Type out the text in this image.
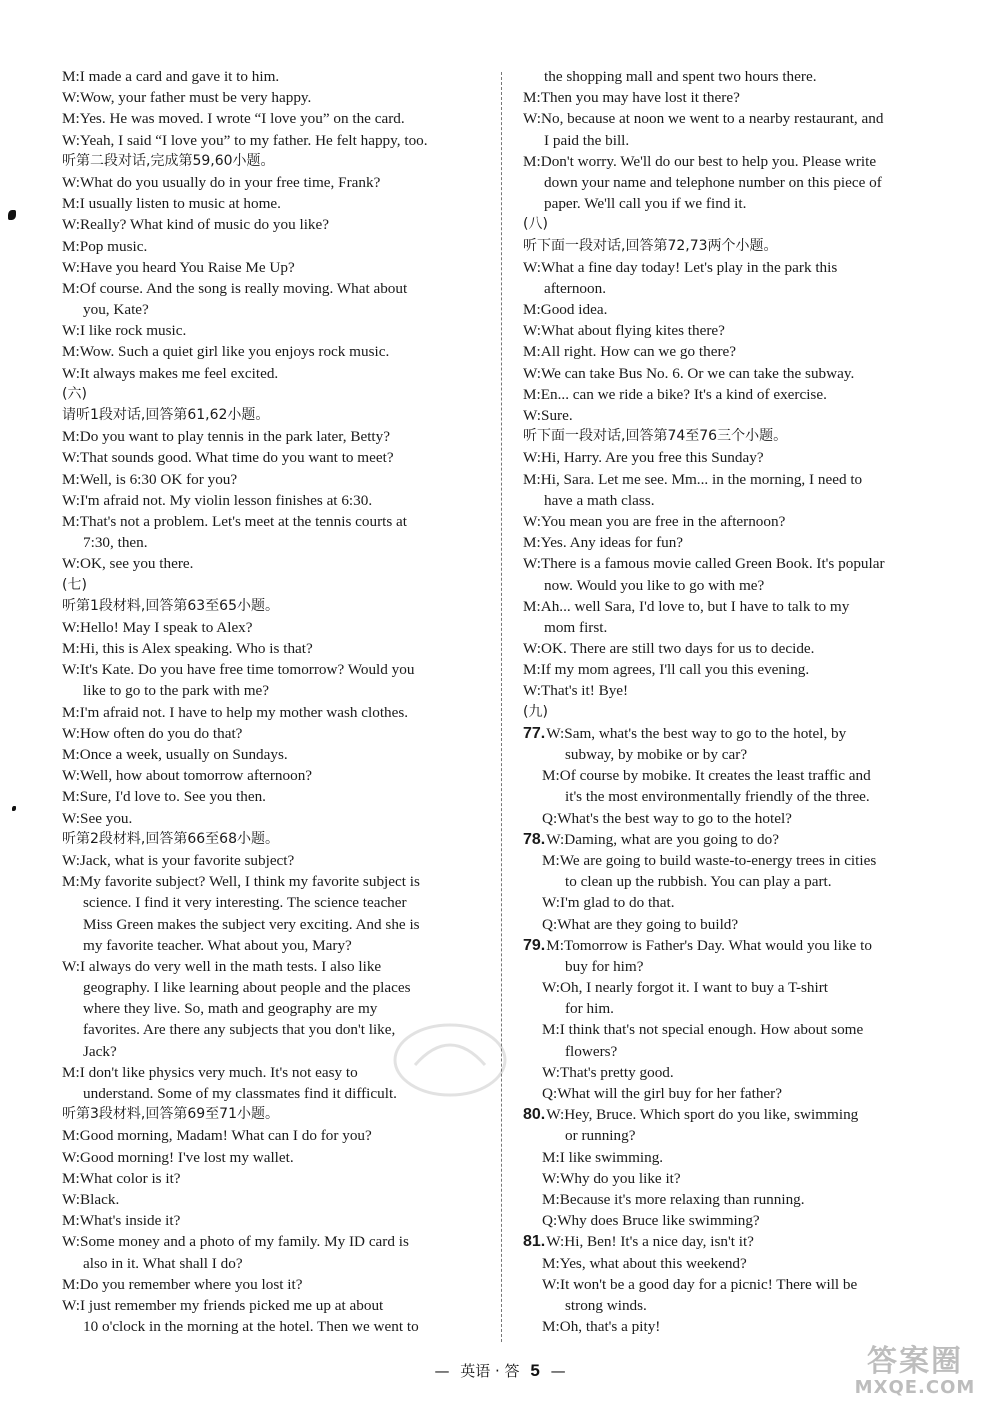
M:I made a card and gave it to him.
W:Wow, your father must be very happy.
M:Yes. He was moved. I wrote “I love you” on the card.
W:Yeah, I said “I love you” to my father. He felt happy, too.
听第二段对话,完成第59,60小题。
W:What do you usually do in your free time, Frank?
M:I usually listen to music at home.
W:Really? What kind of music do you like?
M:Pop music.
W:Have you heard You Raise Me Up?
M:Of course. And the song is really moving. What about
you, Kate?
W:I like rock music.
M:Wow. Such a quiet girl like you enjoys rock music.
W:It always makes me feel excited.
(六)
请听1段对话,回答第61,62小题。
M:Do you want to play tennis in the park later, Betty?
W:That sounds good. What time do you want to meet?
M:Well, is 6:30 OK for you?
W:I'm afraid not. My violin lesson finishes at 6:30.
M:That's not a problem. Let's meet at the tennis courts at
7:30, then.
W:OK, see you there.
(七)
听第1段材料,回答第63至65小题。
W:Hello! May I speak to Alex?
M:Hi, this is Alex speaking. Who is that?
W:It's Kate. Do you have free time tomorrow? Would you
like to go to the park with me?
M:I'm afraid not. I have to help my mother wash clothes.
W:How often do you do that?
M:Once a week, usually on Sundays.
W:Well, how about tomorrow afternoon?
M:Sure, I'd love to. See you then.
W:See you.
听第2段材料,回答第66至68小题。
W:Jack, what is your favorite subject?
M:My favorite subject? Well, I think my favorite subject is
science. I find it very interesting. The science teacher
Miss Green makes the subject very exciting. And she is
my favorite teacher. What about you, Mary?
W:I always do very well in the math tests. I also like
geography. I like learning about people and the places
where they live. So, math and geography are my
favorites. Are there any subjects that you don't like,
Jack?
M:I don't like physics very much. It's not easy to
understand. Some of my classmates find it difficult.
听第3段材料,回答第69至71小题。
M:Good morning, Madam! What can I do for you?
W:Good morning! I've lost my wallet.
M:What color is it?
W:Black.
M:What's inside it?
W:Some money and a photo of my family. My ID card is
also in it. What shall I do?
M:Do you remember where you lost it?
W:I just remember my friends picked me up at about
10 o'clock in the morning at the hotel. Then we went to
the shopping mall and spent two hours there.
M:Then you may have lost it there?
W:No, because at noon we went to a nearby restaurant, and
I paid the bill.
M:Don't worry. We'll do our best to help you. Please write
down your name and telephone number on this piece of
paper. We'll call you if we find it.
(八)
听下面一段对话,回答第72,73两个小题。
W:What a fine day today! Let's play in the park this
afternoon.
M:Good idea.
W:What about flying kites there?
M:All right. How can we go there?
W:We can take Bus No. 6. Or we can take the subway.
M:En... can we ride a bike? It's a kind of exercise.
W:Sure.
听下面一段对话,回答第74至76三个小题。
W:Hi, Harry. Are you free this Sunday?
M:Hi, Sara. Let me see. Mm... in the morning, I need to
have a math class.
W:You mean you are free in the afternoon?
M:Yes. Any ideas for fun?
W:There is a famous movie called Green Book. It's popular
now. Would you like to go with me?
M:Ah... well Sara, I'd love to, but I have to talk to my
mom first.
W:OK. There are still two days for us to decide.
M:If my mom agrees, I'll call you this evening.
W:That's it! Bye!
(九)
77.W:Sam, what's the best way to go to the hotel, by
subway, by mobike or by car?
M:Of course by mobike. It creates the least traffic and
it's the most environmentally friendly of the three.
Q:What's the best way to go to the hotel?
78.W:Daming, what are you going to do?
M:We are going to build waste-to-energy trees in cities
to clean up the rubbish. You can play a part.
W:I'm glad to do that.
Q:What are they going to build?
79.M:Tomorrow is Father's Day. What would you like to
buy for him?
W:Oh, I nearly forgot it. I want to buy a T-shirt
for him.
M:I think that's not special enough. How about some
flowers?
W:That's pretty good.
Q:What will the girl buy for her father?
80.W:Hey, Bruce. Which sport do you like, swimming
or running?
M:I like swimming.
W:Why do you like it?
M:Because it's more relaxing than running.
Q:Why does Bruce like swimming?
81.W:Hi, Ben! It's a nice day, isn't it?
M:Yes, what about this weekend?
W:It won't be a good day for a picnic! There will be
strong winds.
M:Oh, that's a pity!
— 英语 · 答 5 —	答案圈
MXQE.COM
